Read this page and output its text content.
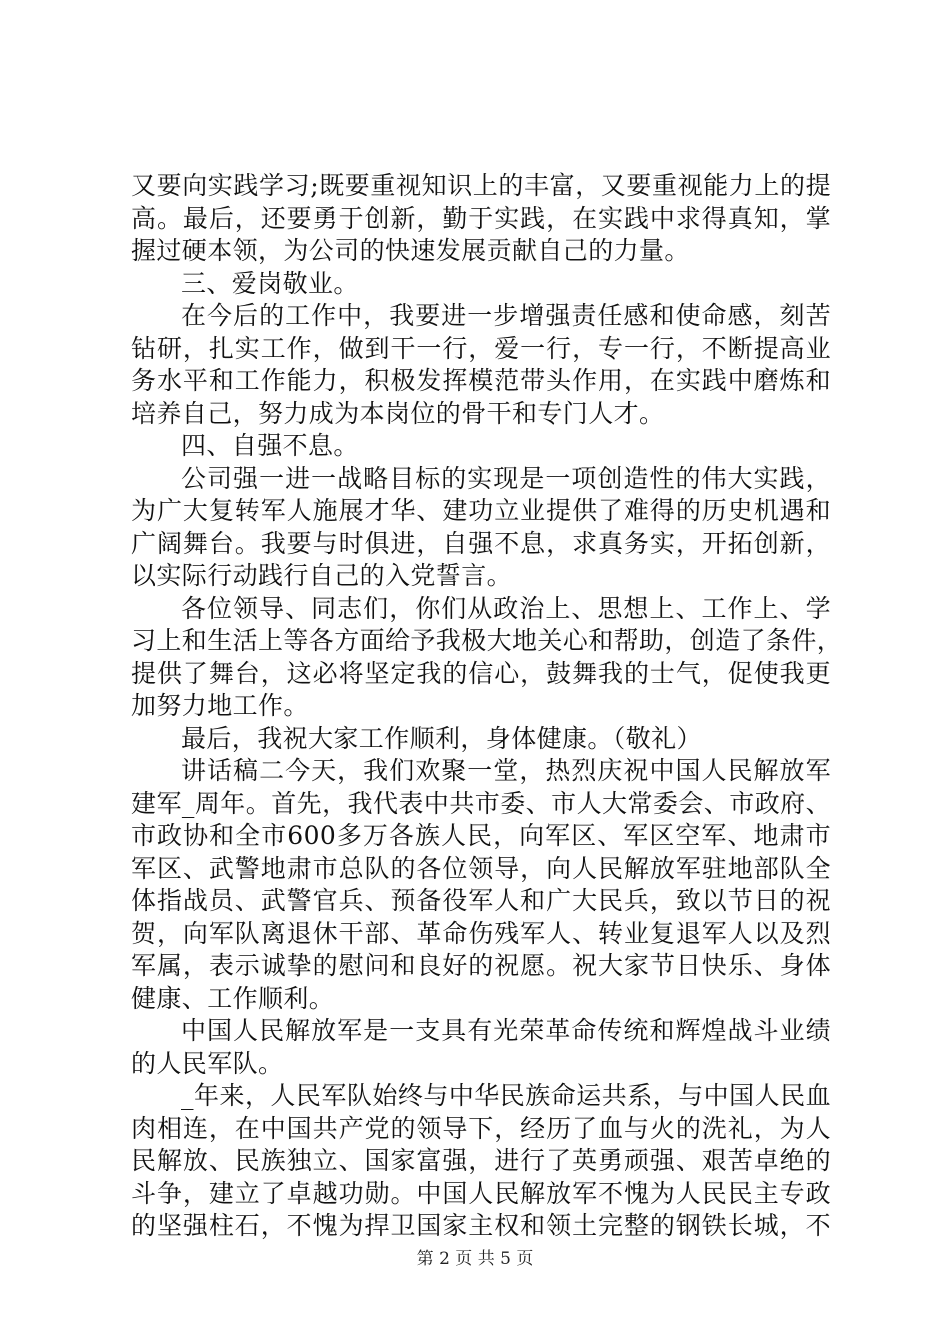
又要向实践学习;既要重视知识上的丰富，又要重视能力上的提
高。最后，还要勇于创新，勤于实践，在实践中求得真知，掌
握过硬本领，为公司的快速发展贡献自己的力量。
三、爱岗敬业。
在今后的工作中，我要进一步增强责任感和使命感，刻苦
钻研，扎实工作，做到干一行，爱一行，专一行，不断提高业
务水平和工作能力，积极发挥模范带头作用，在实践中磨炼和
培养自己，努力成为本岗位的骨干和专门人才。
四、自强不息。
公司强一进一战略目标的实现是一项创造性的伟大实践，
为广大复转军人施展才华、建功立业提供了难得的历史机遇和
广阔舞台。我要与时俱进，自强不息，求真务实，开拓创新，
以实际行动践行自己的入党誓言。
各位领导、同志们，你们从政治上、思想上、工作上、学
习上和生活上等各方面给予我极大地关心和帮助，创造了条件，
提供了舞台，这必将坚定我的信心，鼓舞我的士气，促使我更
加努力地工作。
最后，我祝大家工作顺利，身体健康。（敬礼）
讲话稿二今天，我们欢聚一堂，热烈庆祝中国人民解放军
建军_周年。首先，我代表中共市委、市人大常委会、市政府、
市政协和全市600多万各族人民，向军区、军区空军、地肃市
军区、武警地肃市总队的各位领导，向人民解放军驻地部队全
体指战员、武警官兵、预备役军人和广大民兵，致以节日的祝
贺，向军队离退休干部、革命伤残军人、转业复退军人以及烈
军属，表示诚挚的慰问和良好的祝愿。祝大家节日快乐、身体
健康、工作顺利。
中国人民解放军是一支具有光荣革命传统和辉煌战斗业绩
的人民军队。
_年来，人民军队始终与中华民族命运共系，与中国人民血
肉相连，在中国共产党的领导下，经历了血与火的洗礼，为人
民解放、民族独立、国家富强，进行了英勇顽强、艰苦卓绝的
斗争，建立了卓越功勋。中国人民解放军不愧为人民民主专政
的坚强柱石，不愧为捍卫国家主权和领土完整的钢铁长城，不
第 2 页 共 5 页
